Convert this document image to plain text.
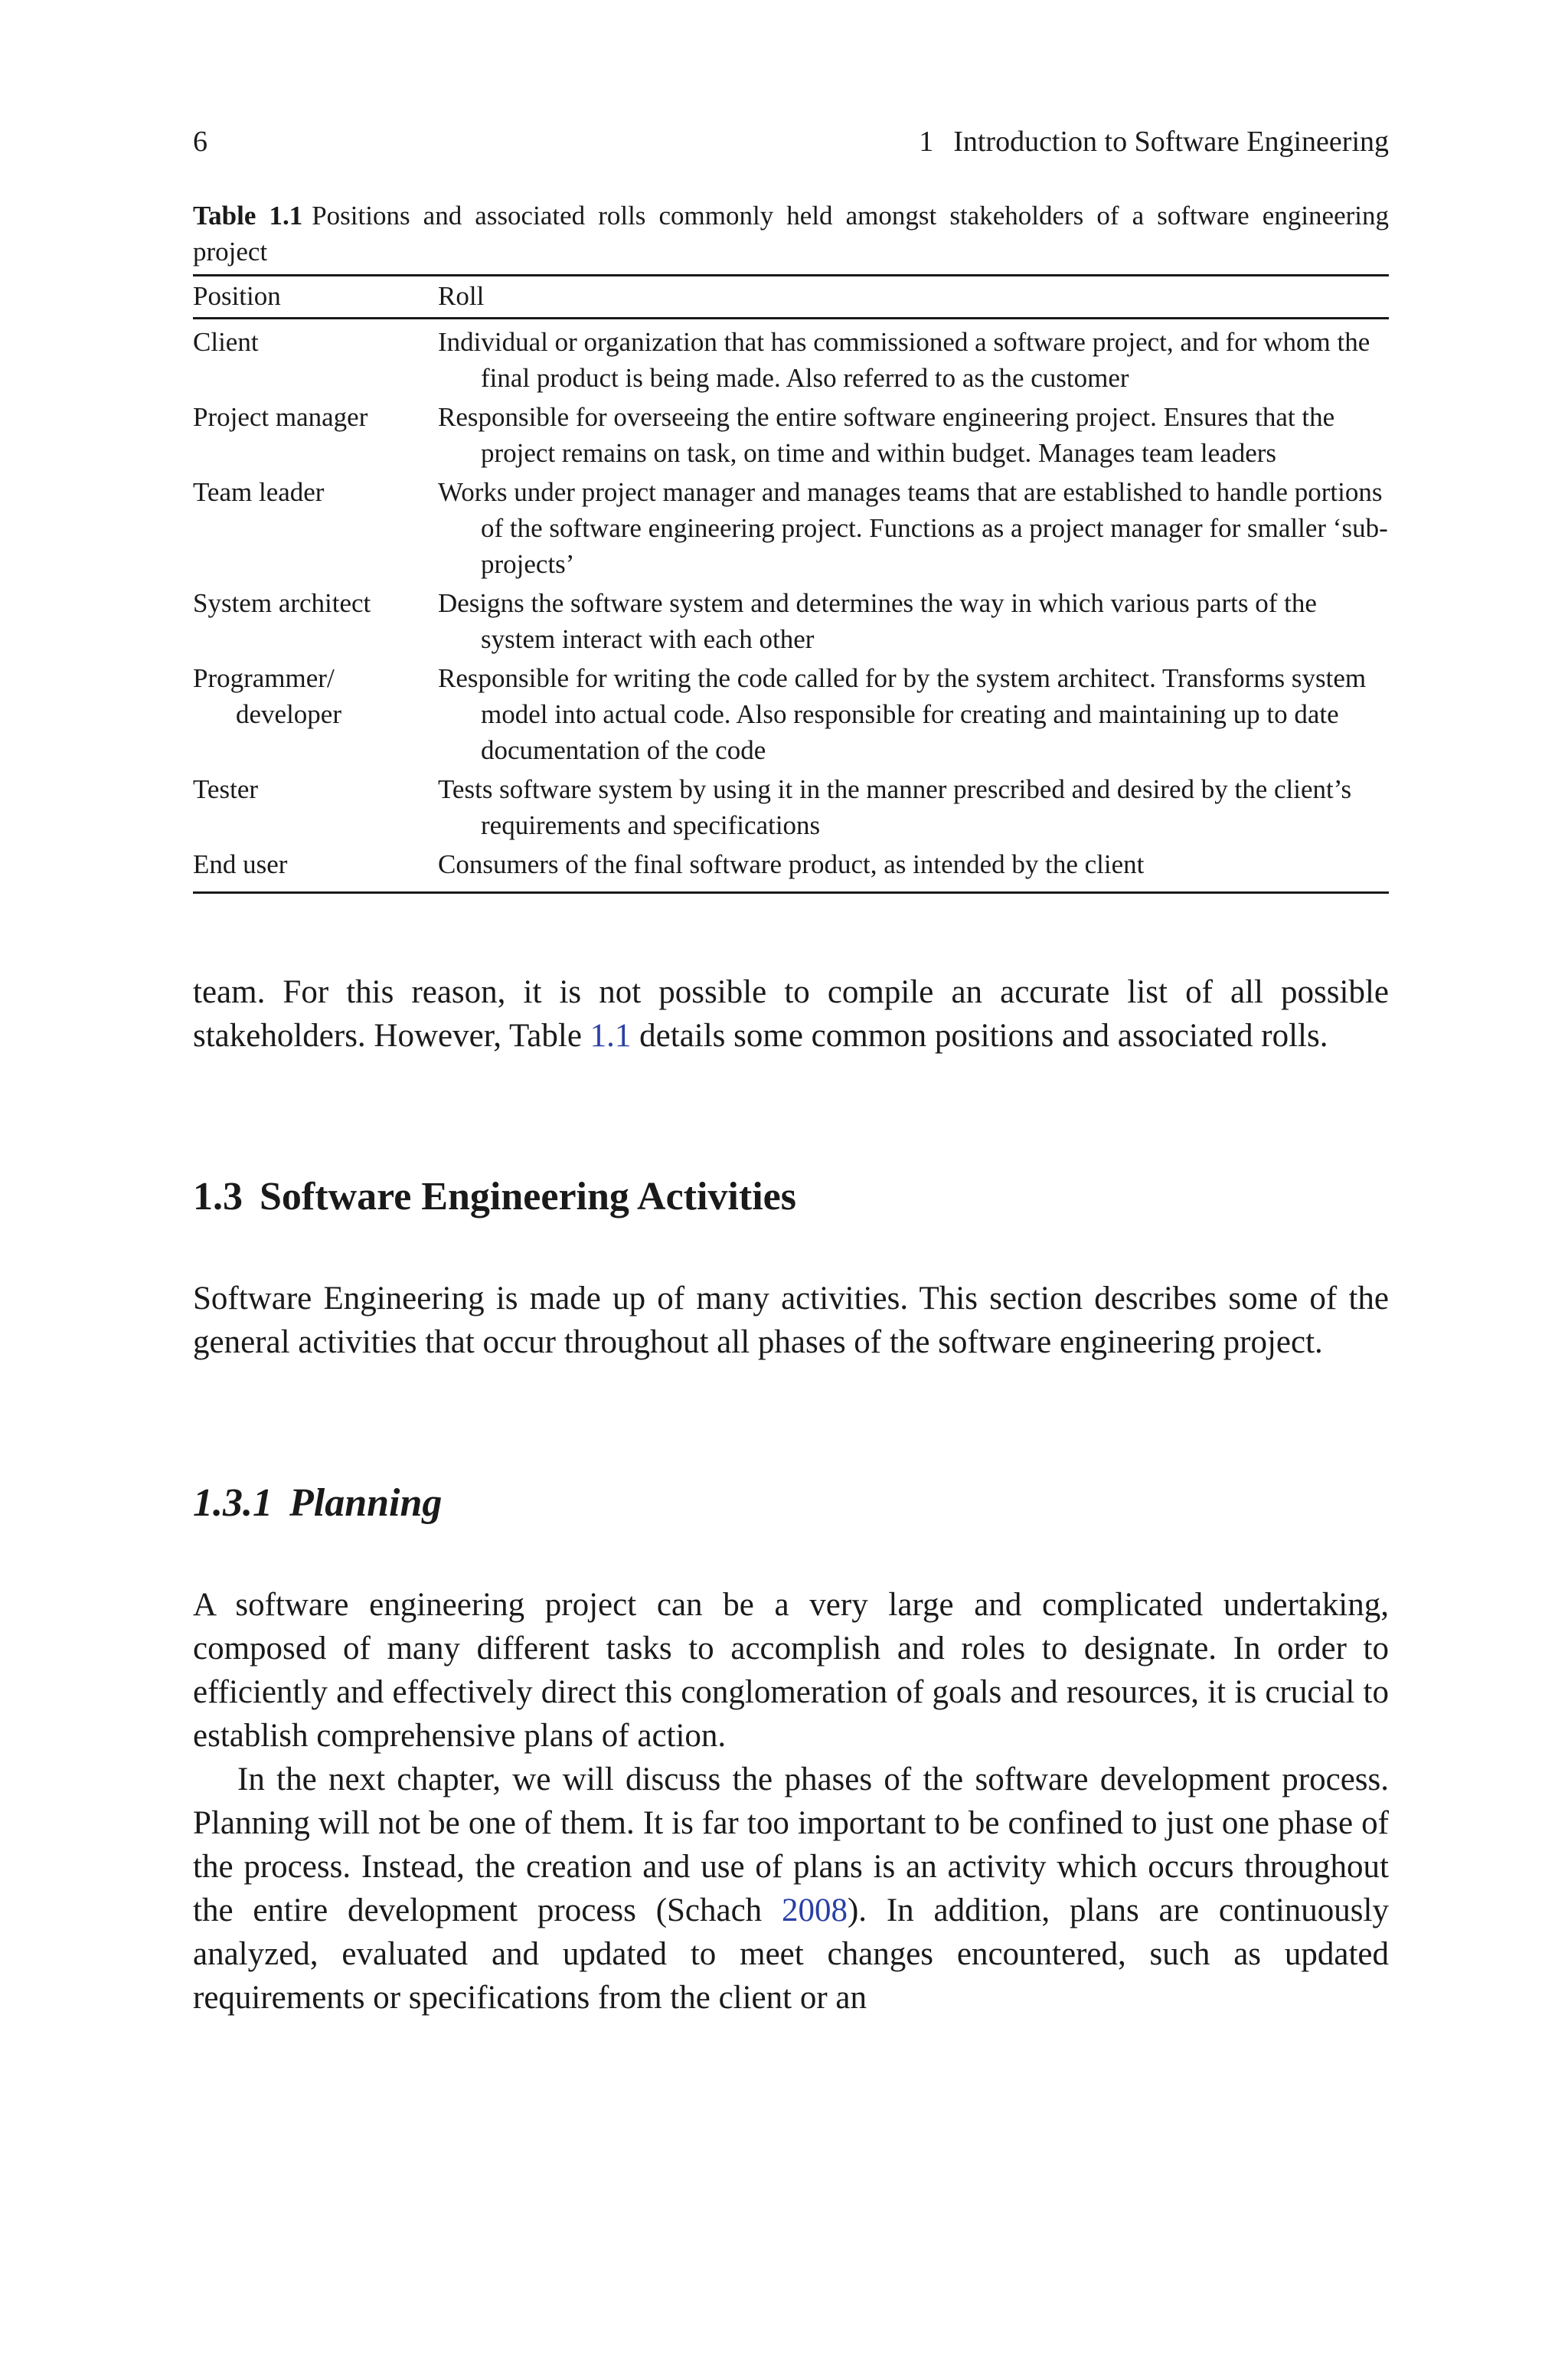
6	1 Introduction to Software Engineering
Table 1.1 Positions and associated rolls commonly held amongst stakeholders of a software engineering project
Position	Roll
Client	Individual or organization that has commissioned a software project, and for whom the final product is being made. Also referred to as the customer
Project manager	Responsible for overseeing the entire software engineering project. Ensures that the project remains on task, on time and within budget. Manages team leaders
Team leader	Works under project manager and manages teams that are established to handle portions of the software engineering project. Functions as a project manager for smaller ‘sub-projects’
System architect	Designs the software system and determines the way in which various parts of the system interact with each other
Programmer/ developer	Responsible for writing the code called for by the system architect. Transforms system model into actual code. Also responsible for creating and maintaining up to date documentation of the code
Tester	Tests software system by using it in the manner prescribed and desired by the client’s requirements and specifications
End user	Consumers of the final software product, as intended by the client

team. For this reason, it is not possible to compile an accurate list of all possible stakeholders. However, Table 1.1 details some common positions and associated rolls.

1.3 Software Engineering Activities

Software Engineering is made up of many activities. This section describes some of the general activities that occur throughout all phases of the software engineering project.

1.3.1 Planning

A software engineering project can be a very large and complicated undertaking, composed of many different tasks to accomplish and roles to designate. In order to efficiently and effectively direct this conglomeration of goals and resources, it is crucial to establish comprehensive plans of action.

In the next chapter, we will discuss the phases of the software development process. Planning will not be one of them. It is far too important to be confined to just one phase of the process. Instead, the creation and use of plans is an activity which occurs throughout the entire development process (Schach 2008). In addition, plans are continuously analyzed, evaluated and updated to meet changes encountered, such as updated requirements or specifications from the client or an
